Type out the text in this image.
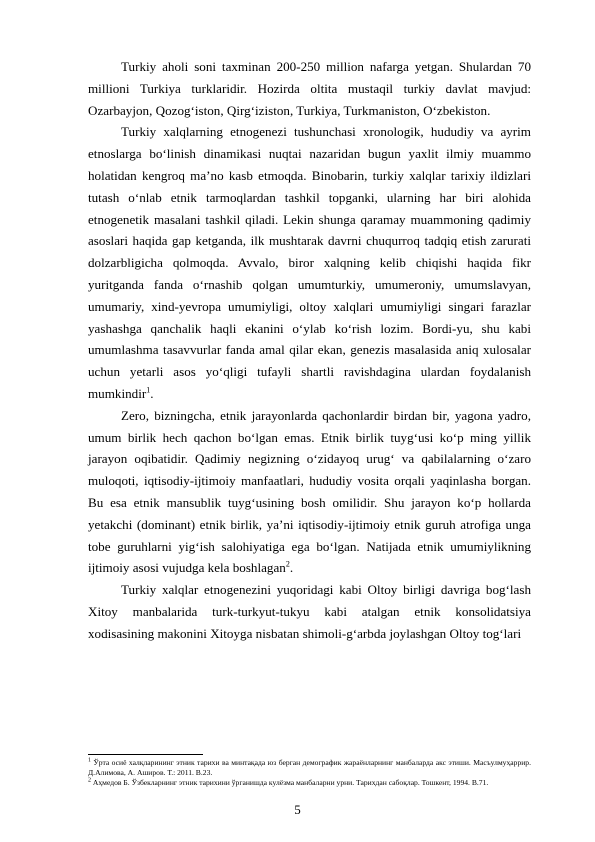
Turkiy aholi soni taxminan 200-250 million nafarga yetgan. Shulardan 70 millioni Turkiya turklaridir. Hozirda oltita mustaqil turkiy davlat mavjud: Ozarbayjon, Qozog‘iston, Qirg‘iziston, Turkiya, Turkmaniston, O‘zbekiston.

Turkiy xalqlarning etnogenezi tushunchasi xronologik, hududiy va ayrim etnoslarga bo‘linish dinamikasi nuqtai nazaridan bugun yaxlit ilmiy muammo holatidan kengroq ma’no kasb etmoqda. Binobarin, turkiy xalqlar tarixiy ildizlari tutash o‘nlab etnik tarmoqlardan tashkil topganki, ularning har biri alohida etnogenetik masalani tashkil qiladi. Lekin shunga qaramay muammoning qadimiy asoslari haqida gap ketganda, ilk mushtarak davrni chuqurroq tadqiq etish zarurati dolzarbligicha qolmoqda. Avvalo, biror xalqning kelib chiqishi haqida fikr yuritganda fanda o‘rnashib qolgan umumturkiy, umumeroniy, umumslavyan, umumariy, xind-yevropa umumiyligi, oltoy xalqlari umumiyligi singari farazlar yashashga qanchalik haqli ekanini o‘ylab ko‘rish lozim. Bordi-yu, shu kabi umumlashma tasavvurlar fanda amal qilar ekan, genezis masalasida aniq xulosalar uchun yetarli asos yo‘qligi tufayli shartli ravishdagina ulardan foydalanish mumkindir$^1$.

Zero, bizningcha, etnik jarayonlarda qachonlardir birdan bir, yagona yadro, umum birlik hech qachon bo‘lgan emas. Etnik birlik tuyg‘usi ko‘p ming yillik jarayon oqibatidir. Qadimiy negizning o‘zidayoq urug‘ va qabilalarning o‘zaro muloqoti, iqtisodiy-ijtimoiy manfaatlari, hududiy vosita orqali yaqinlasha borgan. Bu esa etnik mansublik tuyg‘usining bosh omilidir. Shu jarayon ko‘p hollarda yetakchi (dominant) etnik birlik, ya’ni iqtisodiy-ijtimoiy etnik guruh atrofiga unga tobe guruhlarni yig‘ish salohiyatiga ega bo‘lgan. Natijada etnik umumiylikning ijtimoiy asosi vujudga kela boshlagan$^2$.

Turkiy xalqlar etnogenezini yuqoridagi kabi Oltoy birligi davriga bog‘lash Xitoy manbalarida turk-turkyut-tukyu kabi atalgan etnik konsolidatsiya xodisasining makonini Xitoyga nisbatan shimoli-g‘arbda joylashgan Oltoy tog‘lari

$^1$ Ўрта осиё халқларининг этник тарихи ва минтақада юз берган демографик жараёнларнинг манбаларда акс этиши. Масъулмуҳаррир. Д.Алимова, А. Аширов. Т.: 2011. В.23.

$^2$ Аҳмедов Б. Ўзбекларнинг этник тарихини ўрганишда кулёзма манбаларни урни. Тарихдан сабоқлар. Тошкент, 1994. В.71.

5
